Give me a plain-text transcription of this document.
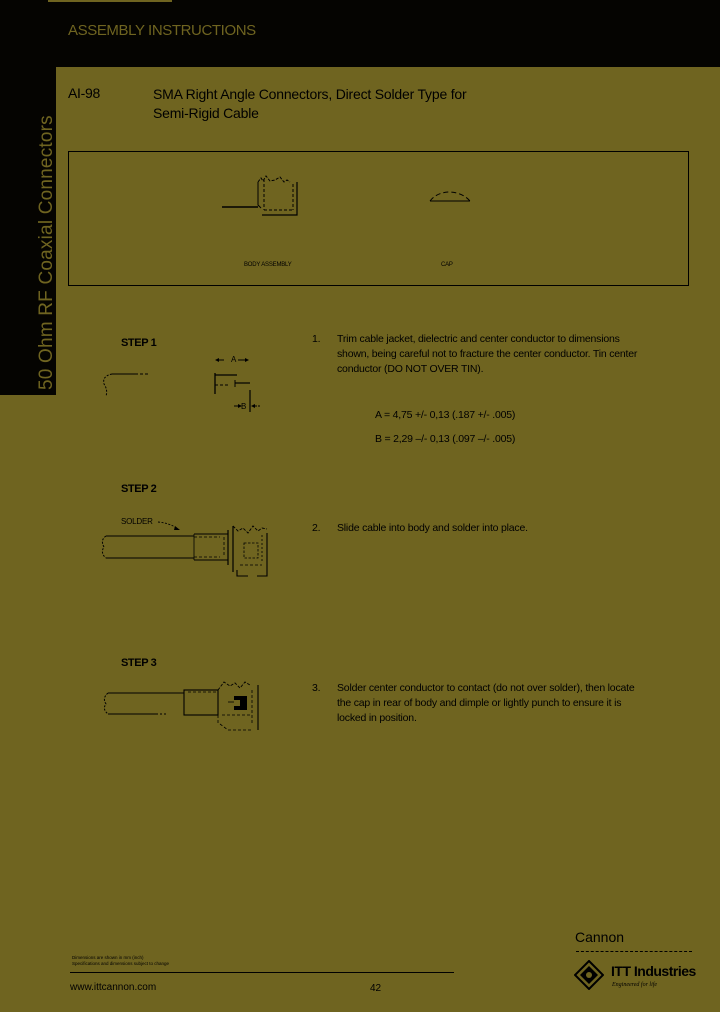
ASSEMBLY INSTRUCTIONS
50 Ohm RF Coaxial Connectors
AI-98	SMA Right Angle Connectors, Direct Solder Type for
Semi-Rigid Cable
BODY ASSEMBLY	CAP
STEP 1
A
B
1. Trim cable jacket, dielectric and center conductor to dimensions
shown, being careful not to fracture the center conductor. Tin center
conductor (DO NOT OVER TIN).
A = 4,75 +/- 0,13 (.187 +/- .005)
B = 2,29 –/- 0,13 (.097 –/- .005)
STEP 2
SOLDER
2. Slide cable into body and solder into place.
STEP 3
3. Solder center conductor to contact (do not over solder), then locate
the cap in rear of body and dimple or lightly punch to ensure it is
locked in position.
Dimensions are shown in mm (inch)
Specifications and dimensions subject to change
www.ittcannon.com	42
Cannon
ITT Industries
Engineered for life
